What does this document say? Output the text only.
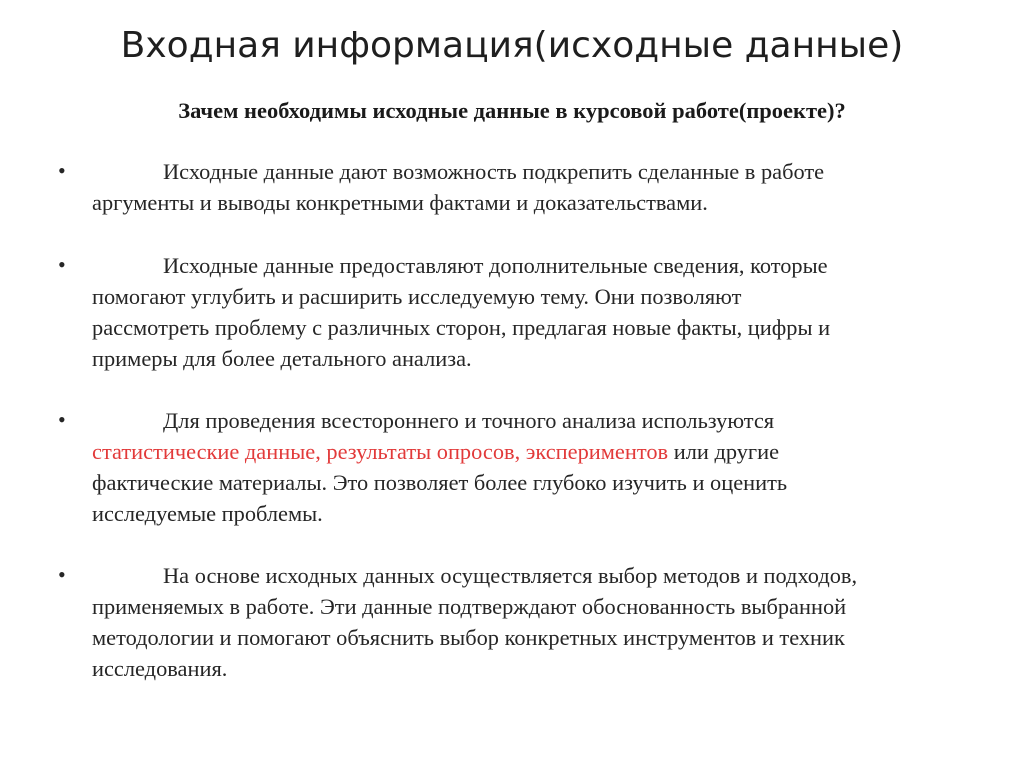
Входная информация(исходные данные)
Зачем необходимы исходные данные в курсовой работе(проекте)?
•	Исходные данные дают возможность подкрепить сделанные в работе
аргументы и выводы конкретными фактами и доказательствами.
•	Исходные данные предоставляют дополнительные сведения, которые
помогают углубить и расширить исследуемую тему. Они позволяют
рассмотреть проблему с различных сторон, предлагая новые факты, цифры и
примеры для более детального анализа.
•	Для проведения всестороннего и точного анализа используются
статистические данные, результаты опросов, экспериментов или другие
фактические материалы. Это позволяет более глубоко изучить и оценить
исследуемые проблемы.
•	На основе исходных данных осуществляется выбор методов и подходов,
применяемых в работе. Эти данные подтверждают обоснованность выбранной
методологии и помогают объяснить выбор конкретных инструментов и техник
исследования.
